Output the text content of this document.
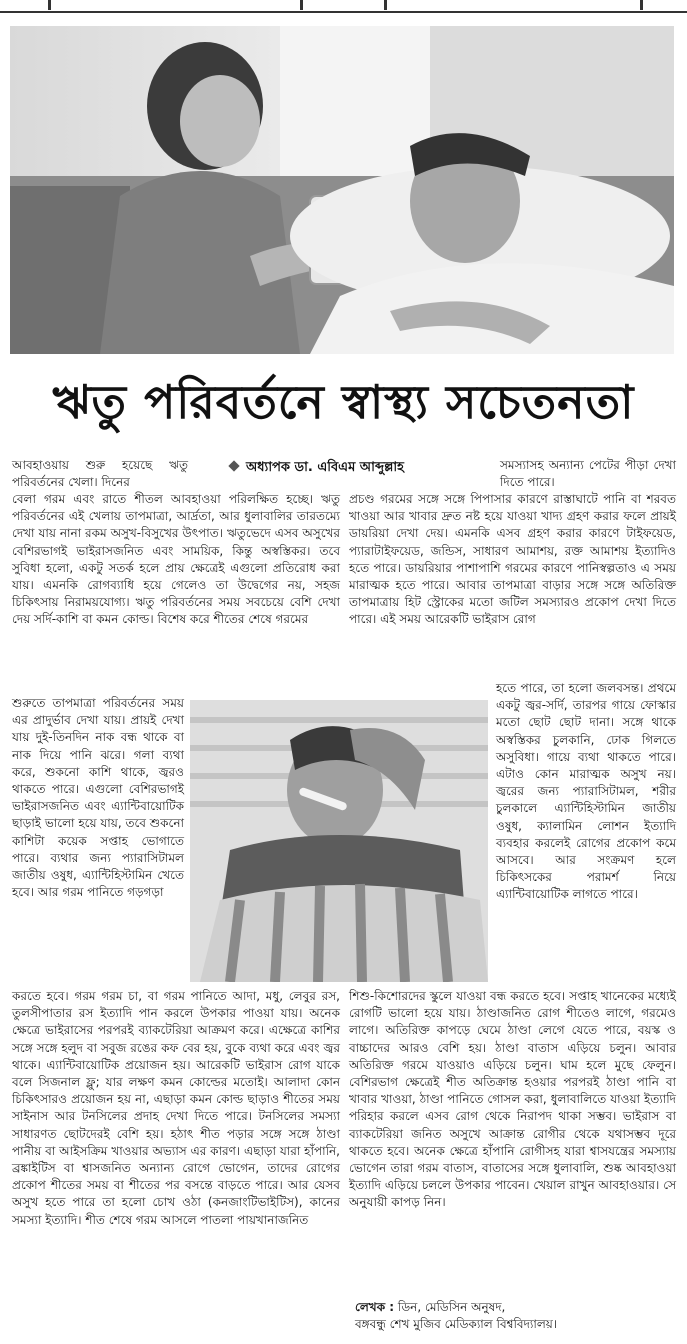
ঋতু পরিবর্তনে স্বাস্থ্য সচেতনতা
অধ্যাপক ডা. এবিএম আব্দুল্লাহ
আবহাওয়ায় শুরু হয়েছে ঋতু পরিবর্তনের খেলা। দিনের
সমস্যাসহ অন্যান্য পেটের পীড়া দেখা দিতে পারে।
বেলা গরম এবং রাতে শীতল আবহাওয়া পরিলক্ষিত হচ্ছে। ঋতু পরিবর্তনের এই খেলায় তাপমাত্রা, আর্দ্রতা, আর ধুলাবালির তারতম্যে দেখা যায় নানা রকম অসুখ-বিসুখের উৎপাত। ঋতুভেদে এসব অসুখের বেশিরভাগই ভাইরাসজনিত এবং সাময়িক, কিন্তু অস্বস্তিকর। তবে সুবিধা হলো, একটু সতর্ক হলে প্রায় ক্ষেত্রেই এগুলো প্রতিরোধ করা যায়। এমনকি রোগব্যাধি হয়ে গেলেও তা উদ্বেগের নয়, সহজ চিকিৎসায় নিরাময়যোগ্য। ঋতু পরিবর্তনের সময় সবচেয়ে বেশি দেখা দেয় সর্দি-কাশি বা কমন কোল্ড। বিশেষ করে শীতের শেষে গরমের
প্রচণ্ড গরমের সঙ্গে সঙ্গে পিপাসার কারণে রাস্তাঘাটে পানি বা শরবত খাওয়া আর খাবার দ্রুত নষ্ট হয়ে যাওয়া খাদ্য গ্রহণ করার ফলে প্রায়ই ডায়রিয়া দেখা দেয়। এমনকি এসব গ্রহণ করার কারণে টাইফয়েড, প্যারাটাইফয়েড, জন্ডিস, সাধারণ আমাশয়, রক্ত আমাশয় ইত্যাদিও হতে পারে। ডায়রিয়ার পাশাপাশি গরমের কারণে পানিস্বল্পতাও এ সময় মারাত্মক হতে পারে। আবার তাপমাত্রা বাড়ার সঙ্গে সঙ্গে অতিরিক্ত তাপমাত্রায় হিট স্ট্রোকের মতো জটিল সমস্যারও প্রকোপ দেখা দিতে পারে। এই সময় আরেকটি ভাইরাস রোগ
শুরুতে তাপমাত্রা পরিবর্তনের সময় এর প্রাদুর্ভাব দেখা যায়। প্রায়ই দেখা যায় দুই-তিনদিন নাক বন্ধ থাকে বা নাক দিয়ে পানি ঝরে। গলা ব্যথা করে, শুকনো কাশি থাকে, জ্বরও থাকতে পারে। এগুলো বেশিরভাগই ভাইরাসজনিত এবং এ্যান্টিবায়োটিক ছাড়াই ভালো হয়ে যায়, তবে শুকনো কাশিটা কয়েক সপ্তাহ ভোগাতে পারে। ব্যথার জন্য প্যারাসিটামল জাতীয় ওষুধ, এ্যান্টিহিস্টামিন খেতে হবে। আর গরম পানিতে গড়গড়া
হতে পারে, তা হলো জলবসন্ত। প্রথমে একটু জ্বর-সর্দি, তারপর গায়ে ফোস্কার মতো ছোট ছোট দানা। সঙ্গে থাকে অস্বস্তিকর চুলকানি, ঢোক গিলতে অসুবিধা। গায়ে ব্যথা থাকতে পারে। এটাও কোন মারাত্মক অসুখ নয়। জ্বরের জন্য প্যারাসিটামল, শরীর চুলকালে এ্যান্টিহিস্টামিন জাতীয় ওষুধ, ক্যালামিন লোশন ইত্যাদি ব্যবহার করলেই রোগের প্রকোপ কমে আসবে। আর সংক্রমণ হলে চিকিৎসকের পরামর্শ নিয়ে এ্যান্টিবায়োটিক লাগতে পারে।
করতে হবে। গরম গরম চা, বা গরম পানিতে আদা, মধু, লেবুর রস, তুলসীপাতার রস ইত্যাদি পান করলে উপকার পাওয়া যায়। অনেক ক্ষেত্রে ভাইরাসের পরপরই ব্যাকটেরিয়া আক্রমণ করে। এক্ষেত্রে কাশির সঙ্গে সঙ্গে হলুদ বা সবুজ রঙের কফ বের হয়, বুকে ব্যথা করে এবং জ্বর থাকে। এ্যান্টিবায়োটিক প্রয়োজন হয়। আরেকটি ভাইরাস রোগ যাকে বলে সিজনাল ফ্লু; যার লক্ষণ কমন কোল্ডের মতোই। আলাদা কোন চিকিৎসারও প্রয়োজন হয় না, এছাড়া কমন কোল্ড ছাড়াও শীতের সময় সাইনাস আর টনসিলের প্রদাহ দেখা দিতে পারে। টনসিলের সমস্যা সাধারণত ছোটদেরই বেশি হয়। হঠাৎ শীত পড়ার সঙ্গে সঙ্গে ঠাণ্ডা পানীয় বা আইসক্রিম খাওয়ার অভ্যাস এর কারণ। এছাড়া যারা হাঁপানি, ব্রঙ্কাইটিস বা শ্বাসজনিত অন্যান্য রোগে ভোগেন, তাদের রোগের প্রকোপ শীতের সময় বা শীতের পর বসন্তে বাড়তে পারে। আর যেসব অসুখ হতে পারে তা হলো চোখ ওঠা (কনজাংটিভাইটিস), কানের সমস্যা ইত্যাদি। শীত শেষে গরম আসলে পাতলা পায়খানাজনিত
শিশু-কিশোরদের স্কুলে যাওয়া বন্ধ করতে হবে। সপ্তাহ খানেকের মধ্যেই রোগটি ভালো হয়ে যায়। ঠাণ্ডাজনিত রোগ শীতেও লাগে, গরমেও লাগে। অতিরিক্ত কাপড়ে ঘেমে ঠাণ্ডা লেগে যেতে পারে, বয়স্ক ও বাচ্চাদের আরও বেশি হয়। ঠাণ্ডা বাতাস এড়িয়ে চলুন। আবার অতিরিক্ত গরমে যাওয়াও এড়িয়ে চলুন। ঘাম হলে মুছে ফেলুন। বেশিরভাগ ক্ষেত্রেই শীত অতিক্রান্ত হওয়ার পরপরই ঠাণ্ডা পানি বা খাবার খাওয়া, ঠাণ্ডা পানিতে গোসল করা, ধুলাবালিতে যাওয়া ইত্যাদি পরিহার করলে এসব রোগ থেকে নিরাপদ থাকা সম্ভব। ভাইরাস বা ব্যাকটেরিয়া জনিত অসুখে আক্রান্ত রোগীর থেকে যথাসম্ভব দূরে থাকতে হবে। অনেক ক্ষেত্রে হাঁপানি রোগীসহ যারা শ্বাসযন্ত্রের সমস্যায় ভোগেন তারা গরম বাতাস, বাতাসের সঙ্গে ধুলাবালি, শুষ্ক আবহাওয়া ইত্যাদি এড়িয়ে চললে উপকার পাবেন। খেয়াল রাখুন আবহাওয়ার। সে অনুযায়ী কাপড় নিন।

লেখক : ডিন, মেডিসিন অনুষদ,

বঙ্গবন্ধু শেখ মুজিব মেডিক্যাল বিশ্ববিদ্যালয়।
